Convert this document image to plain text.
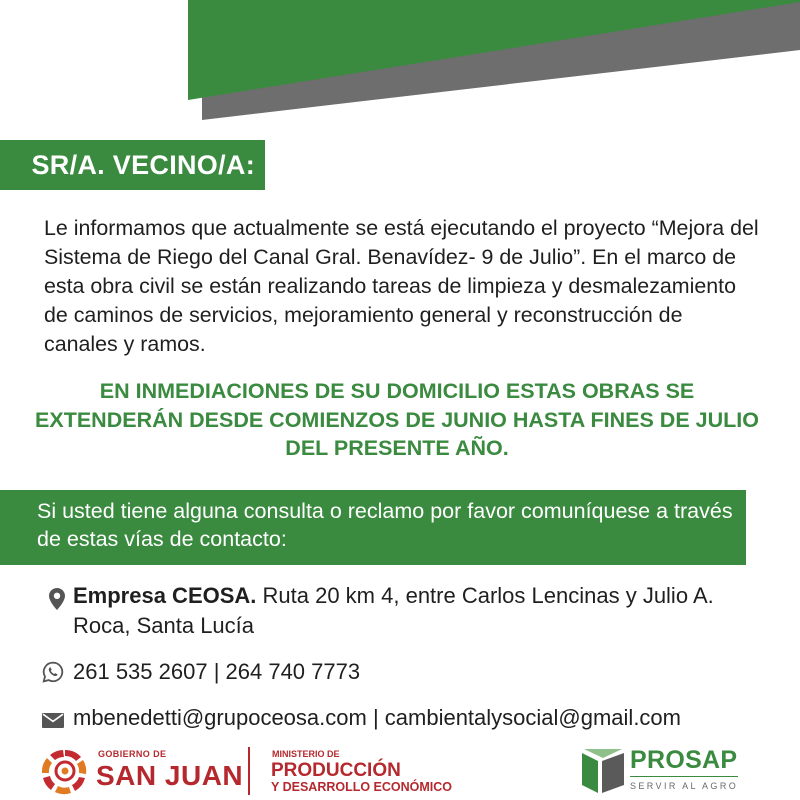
SR/A. VECINO/A:
Le informamos que actualmente se está ejecutando el proyecto “Mejora del Sistema de Riego del Canal Gral. Benavídez- 9 de Julio”. En el marco de esta obra civil se están realizando tareas de limpieza y desmalezamiento de caminos de servicios, mejoramiento general y reconstrucción de canales y ramos.
EN INMEDIACIONES DE SU DOMICILIO ESTAS OBRAS SE EXTENDERÁN DESDE COMIENZOS DE JUNIO HASTA FINES DE JULIO DEL PRESENTE AÑO.
Si usted tiene alguna consulta o reclamo por favor comuníquese a través de estas vías de contacto:
Empresa CEOSA. Ruta 20 km 4, entre Carlos Lencinas y Julio A. Roca, Santa Lucía
261 535 2607 | 264 740 7773
mbenedetti@grupoceosa.com | cambientalysocial@gmail.com
GOBIERNO DE
SAN JUAN
MINISTERIO DE
PRODUCCIÓN
Y DESARROLLO ECONÓMICO
PROSAP
SERVIR AL AGRO
